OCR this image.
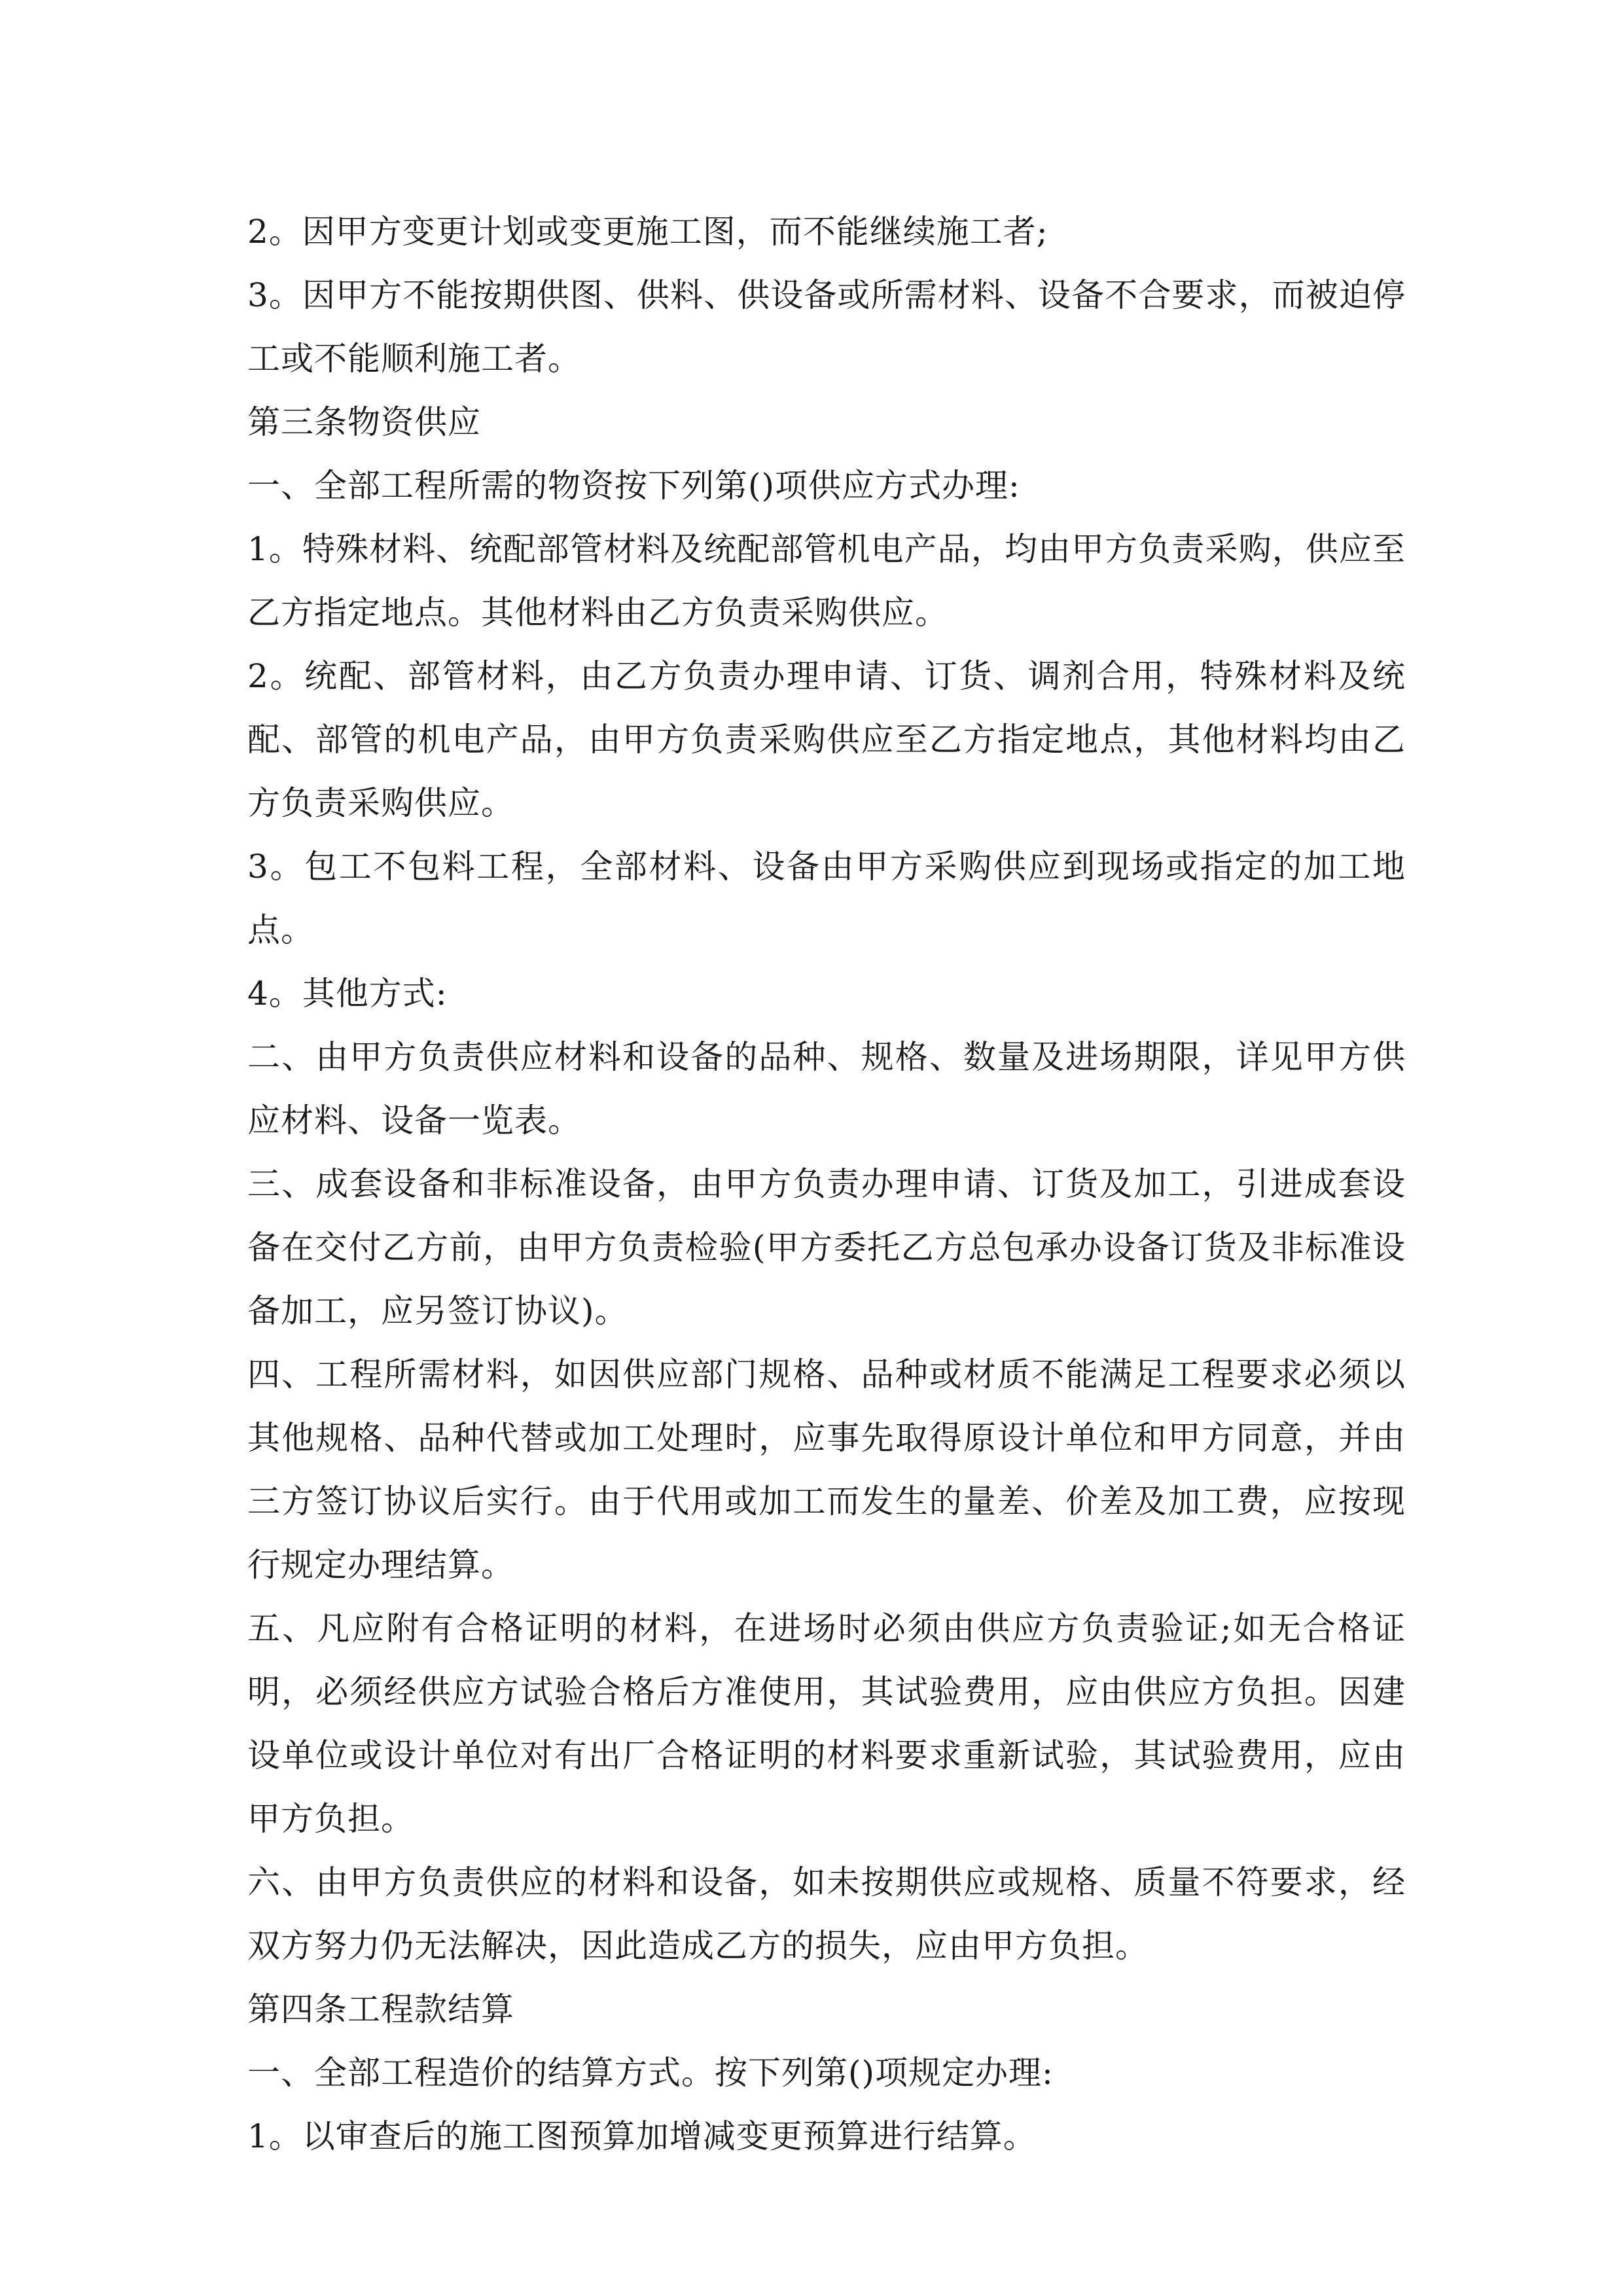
2。因甲方变更计划或变更施工图，而不能继续施工者;

3。因甲方不能按期供图、供料、供设备或所需材料、设备不合要求，而被迫停工或不能顺利施工者。

第三条物资供应

一、全部工程所需的物资按下列第()项供应方式办理:

1。特殊材料、统配部管材料及统配部管机电产品，均由甲方负责采购，供应至乙方指定地点。其他材料由乙方负责采购供应。

2。统配、部管材料，由乙方负责办理申请、订货、调剂合用，特殊材料及统配、部管的机电产品，由甲方负责采购供应至乙方指定地点，其他材料均由乙方负责采购供应。

3。包工不包料工程，全部材料、设备由甲方采购供应到现场或指定的加工地点。

4。其他方式:

二、由甲方负责供应材料和设备的品种、规格、数量及进场期限，详见甲方供应材料、设备一览表。

三、成套设备和非标准设备，由甲方负责办理申请、订货及加工，引进成套设备在交付乙方前，由甲方负责检验(甲方委托乙方总包承办设备订货及非标准设备加工，应另签订协议)。

四、工程所需材料，如因供应部门规格、品种或材质不能满足工程要求必须以其他规格、品种代替或加工处理时，应事先取得原设计单位和甲方同意，并由三方签订协议后实行。由于代用或加工而发生的量差、价差及加工费，应按现行规定办理结算。

五、凡应附有合格证明的材料，在进场时必须由供应方负责验证;如无合格证明，必须经供应方试验合格后方准使用，其试验费用，应由供应方负担。因建设单位或设计单位对有出厂合格证明的材料要求重新试验，其试验费用，应由甲方负担。

六、由甲方负责供应的材料和设备，如未按期供应或规格、质量不符要求，经双方努力仍无法解决，因此造成乙方的损失，应由甲方负担。

第四条工程款结算

一、全部工程造价的结算方式。按下列第()项规定办理:

1。以审查后的施工图预算加增减变更预算进行结算。
